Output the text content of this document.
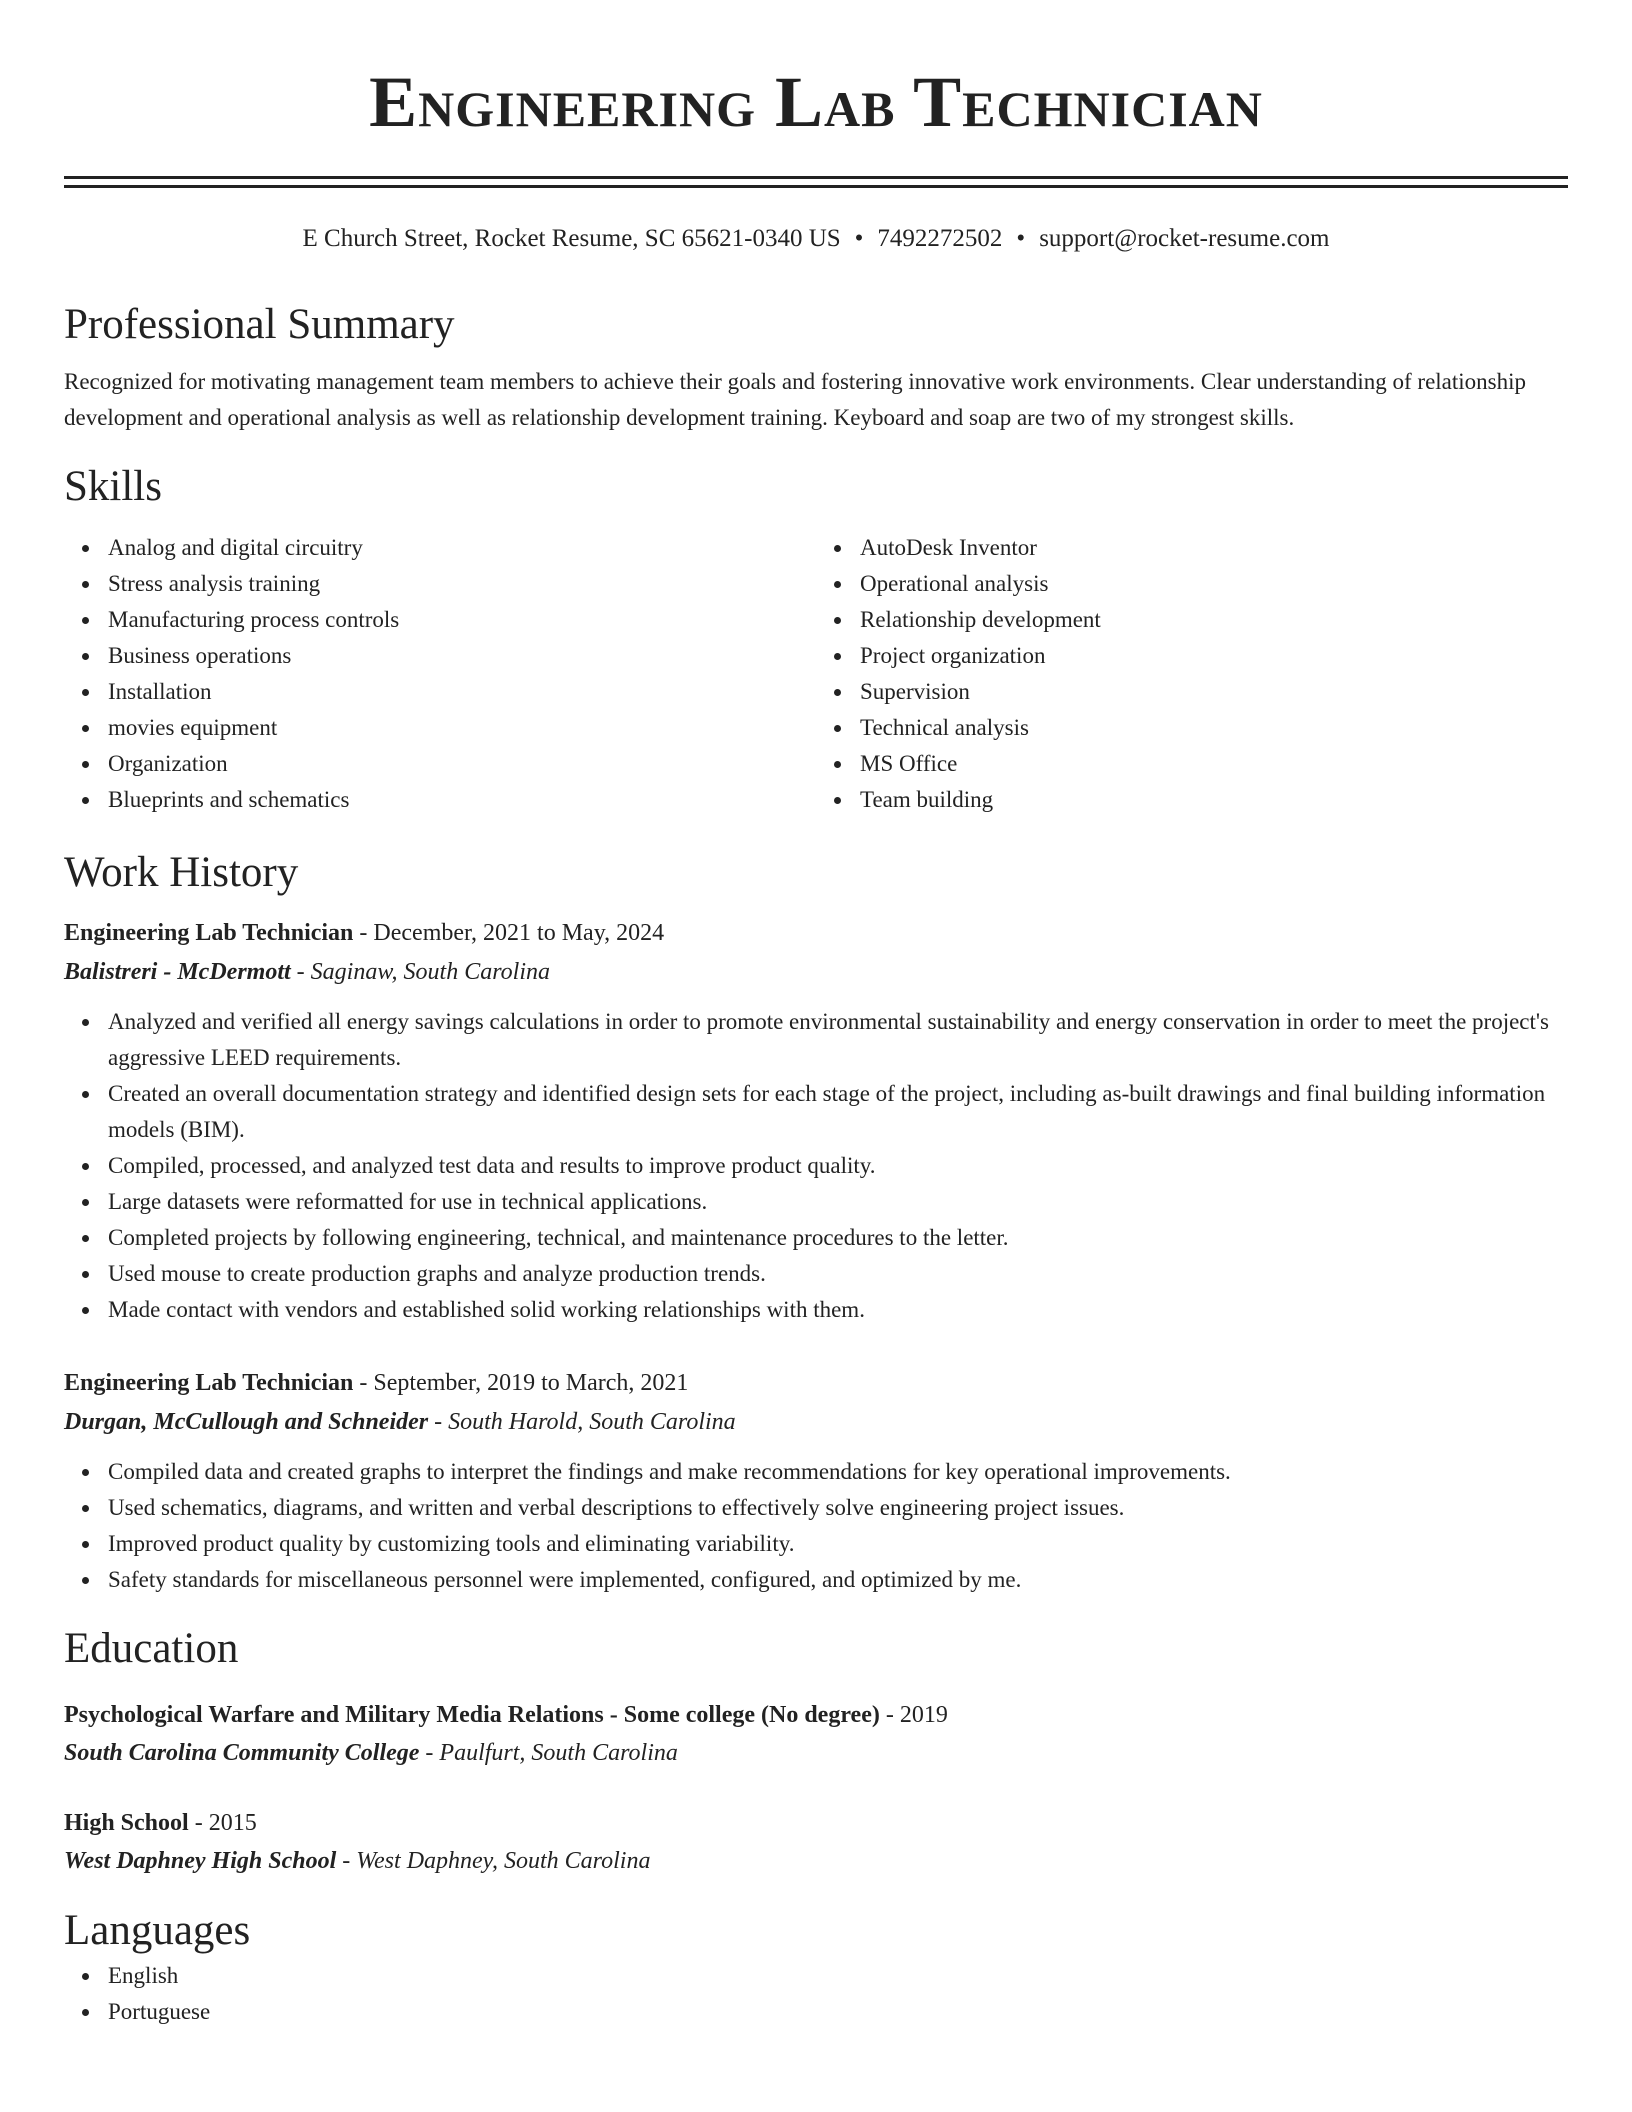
Engineering Lab Technician
E Church Street, Rocket Resume, SC 65621-0340 US • 7492272502 • support@rocket-resume.com
Professional Summary
Recognized for motivating management team members to achieve their goals and fostering innovative work environments. Clear understanding of relationship development and operational analysis as well as relationship development training. Keyboard and soap are two of my strongest skills.
Skills
Analog and digital circuitry
Stress analysis training
Manufacturing process controls
Business operations
Installation
movies equipment
Organization
Blueprints and schematics
AutoDesk Inventor
Operational analysis
Relationship development
Project organization
Supervision
Technical analysis
MS Office
Team building
Work History
Engineering Lab Technician - December, 2021 to May, 2024
Balistreri - McDermott - Saginaw, South Carolina
Analyzed and verified all energy savings calculations in order to promote environmental sustainability and energy conservation in order to meet the project's aggressive LEED requirements.
Created an overall documentation strategy and identified design sets for each stage of the project, including as-built drawings and final building information models (BIM).
Compiled, processed, and analyzed test data and results to improve product quality.
Large datasets were reformatted for use in technical applications.
Completed projects by following engineering, technical, and maintenance procedures to the letter.
Used mouse to create production graphs and analyze production trends.
Made contact with vendors and established solid working relationships with them.
Engineering Lab Technician - September, 2019 to March, 2021
Durgan, McCullough and Schneider - South Harold, South Carolina
Compiled data and created graphs to interpret the findings and make recommendations for key operational improvements.
Used schematics, diagrams, and written and verbal descriptions to effectively solve engineering project issues.
Improved product quality by customizing tools and eliminating variability.
Safety standards for miscellaneous personnel were implemented, configured, and optimized by me.
Education
Psychological Warfare and Military Media Relations - Some college (No degree) - 2019
South Carolina Community College - Paulfurt, South Carolina
High School - 2015
West Daphney High School - West Daphney, South Carolina
Languages
English
Portuguese
